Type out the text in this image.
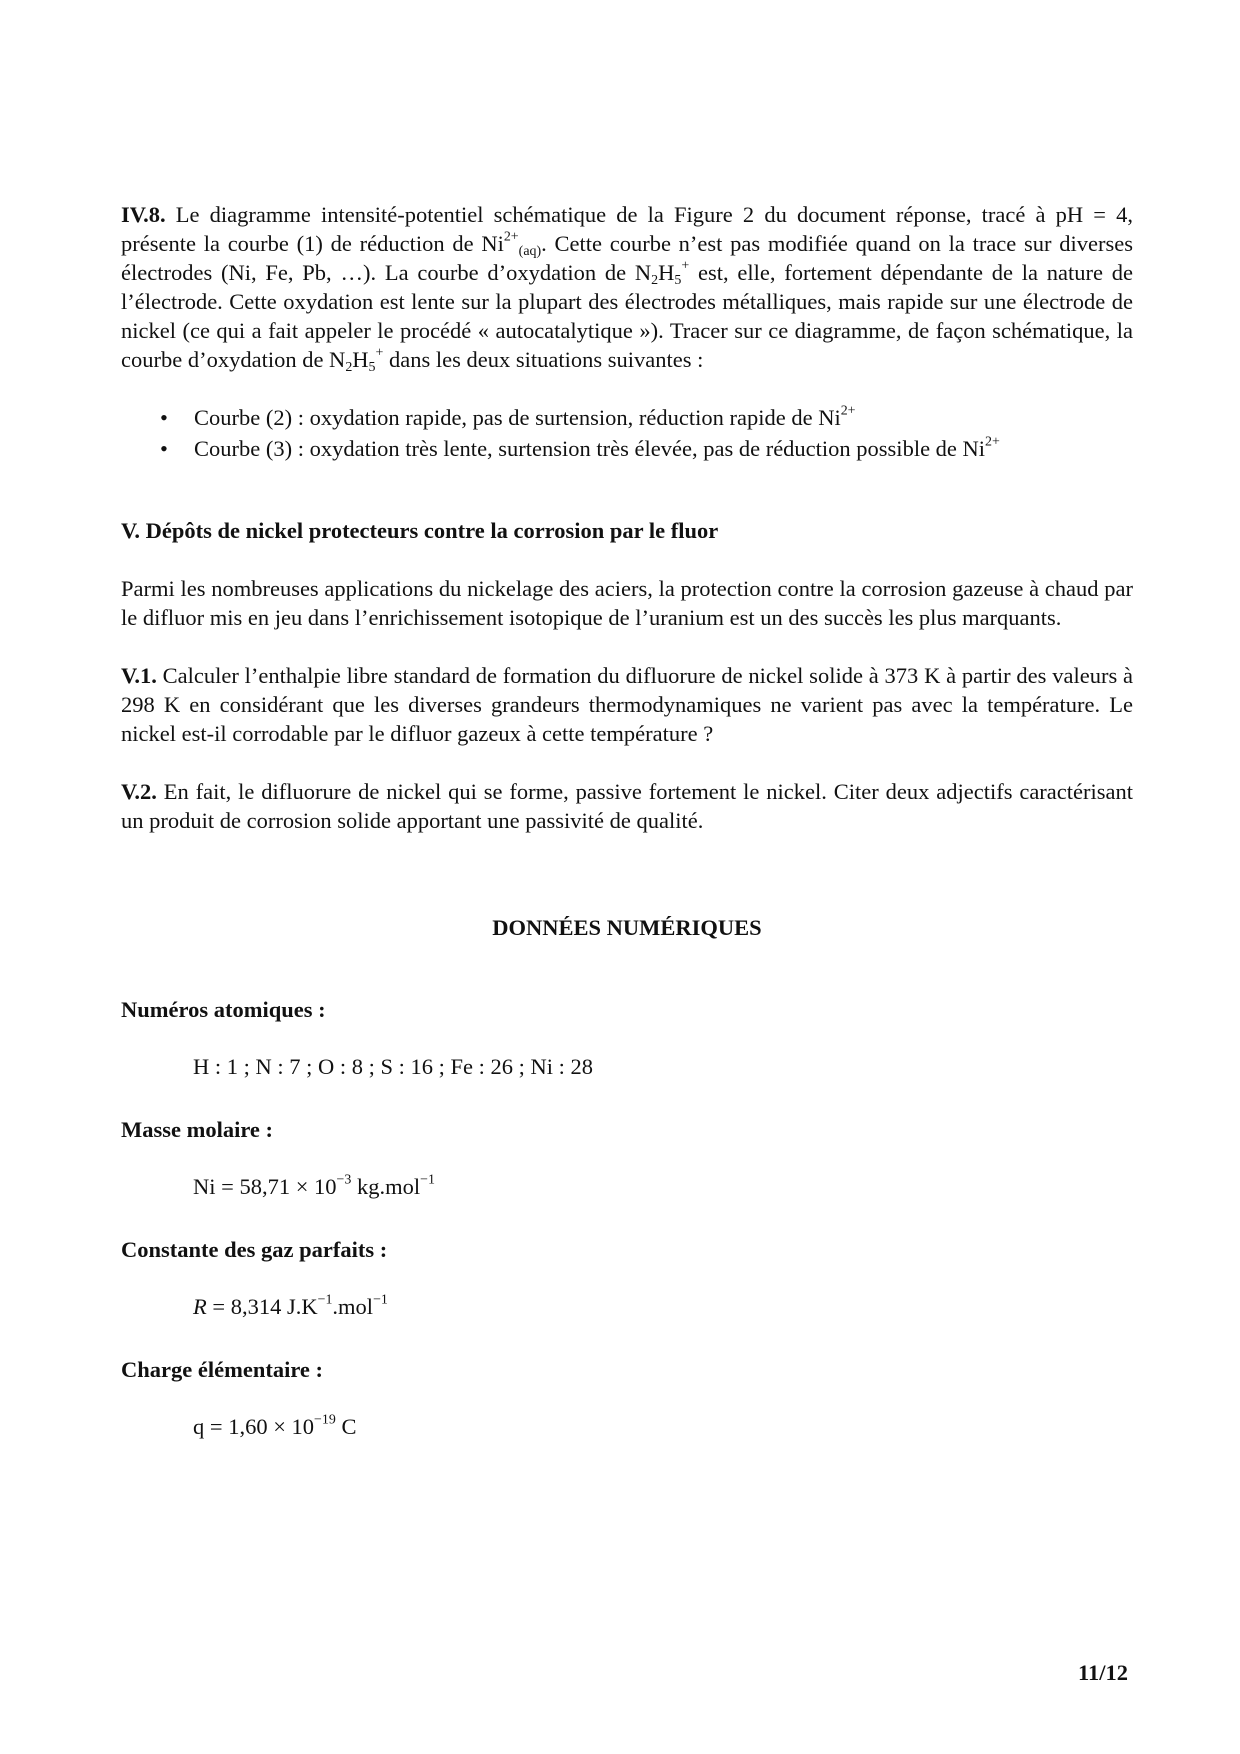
IV.8. Le diagramme intensité-potentiel schématique de la Figure 2 du document réponse, tracé à pH = 4, présente la courbe (1) de réduction de $Ni^{2+}_{(aq)}$. Cette courbe n’est pas modifiée quand on la trace sur diverses électrodes (Ni, Fe, Pb, …). La courbe d’oxydation de $N_2H_5^+$ est, elle, fortement dépendante de la nature de l’électrode. Cette oxydation est lente sur la plupart des électrodes métalliques, mais rapide sur une électrode de nickel (ce qui a fait appeler le procédé « autocatalytique »). Tracer sur ce diagramme, de façon schématique, la courbe d’oxydation de $N_2H_5^+$ dans les deux situations suivantes :

• Courbe (2) : oxydation rapide, pas de surtension, réduction rapide de $Ni^{2+}$
• Courbe (3) : oxydation très lente, surtension très élevée, pas de réduction possible de $Ni^{2+}$

V. Dépôts de nickel protecteurs contre la corrosion par le fluor

Parmi les nombreuses applications du nickelage des aciers, la protection contre la corrosion gazeuse à chaud par le difluor mis en jeu dans l’enrichissement isotopique de l’uranium est un des succès les plus marquants.

V.1. Calculer l’enthalpie libre standard de formation du difluorure de nickel solide à 373 K à partir des valeurs à 298 K en considérant que les diverses grandeurs thermodynamiques ne varient pas avec la température. Le nickel est-il corrodable par le difluor gazeux à cette température ?

V.2. En fait, le difluorure de nickel qui se forme, passive fortement le nickel. Citer deux adjectifs caractérisant un produit de corrosion solide apportant une passivité de qualité.

DONNÉES NUMÉRIQUES

Numéros atomiques :

H : 1 ; N : 7 ; O : 8 ; S : 16 ; Fe : 26 ; Ni : 28

Masse molaire :

$Ni = 58,71 \times 10^{-3}$ kg.mol$^{-1}$

Constante des gaz parfaits :

R = 8,314 $J.K^{-1}.mol^{-1}$

Charge élémentaire :

$q = 1,60 \times 10^{-19}$ C

11/12
